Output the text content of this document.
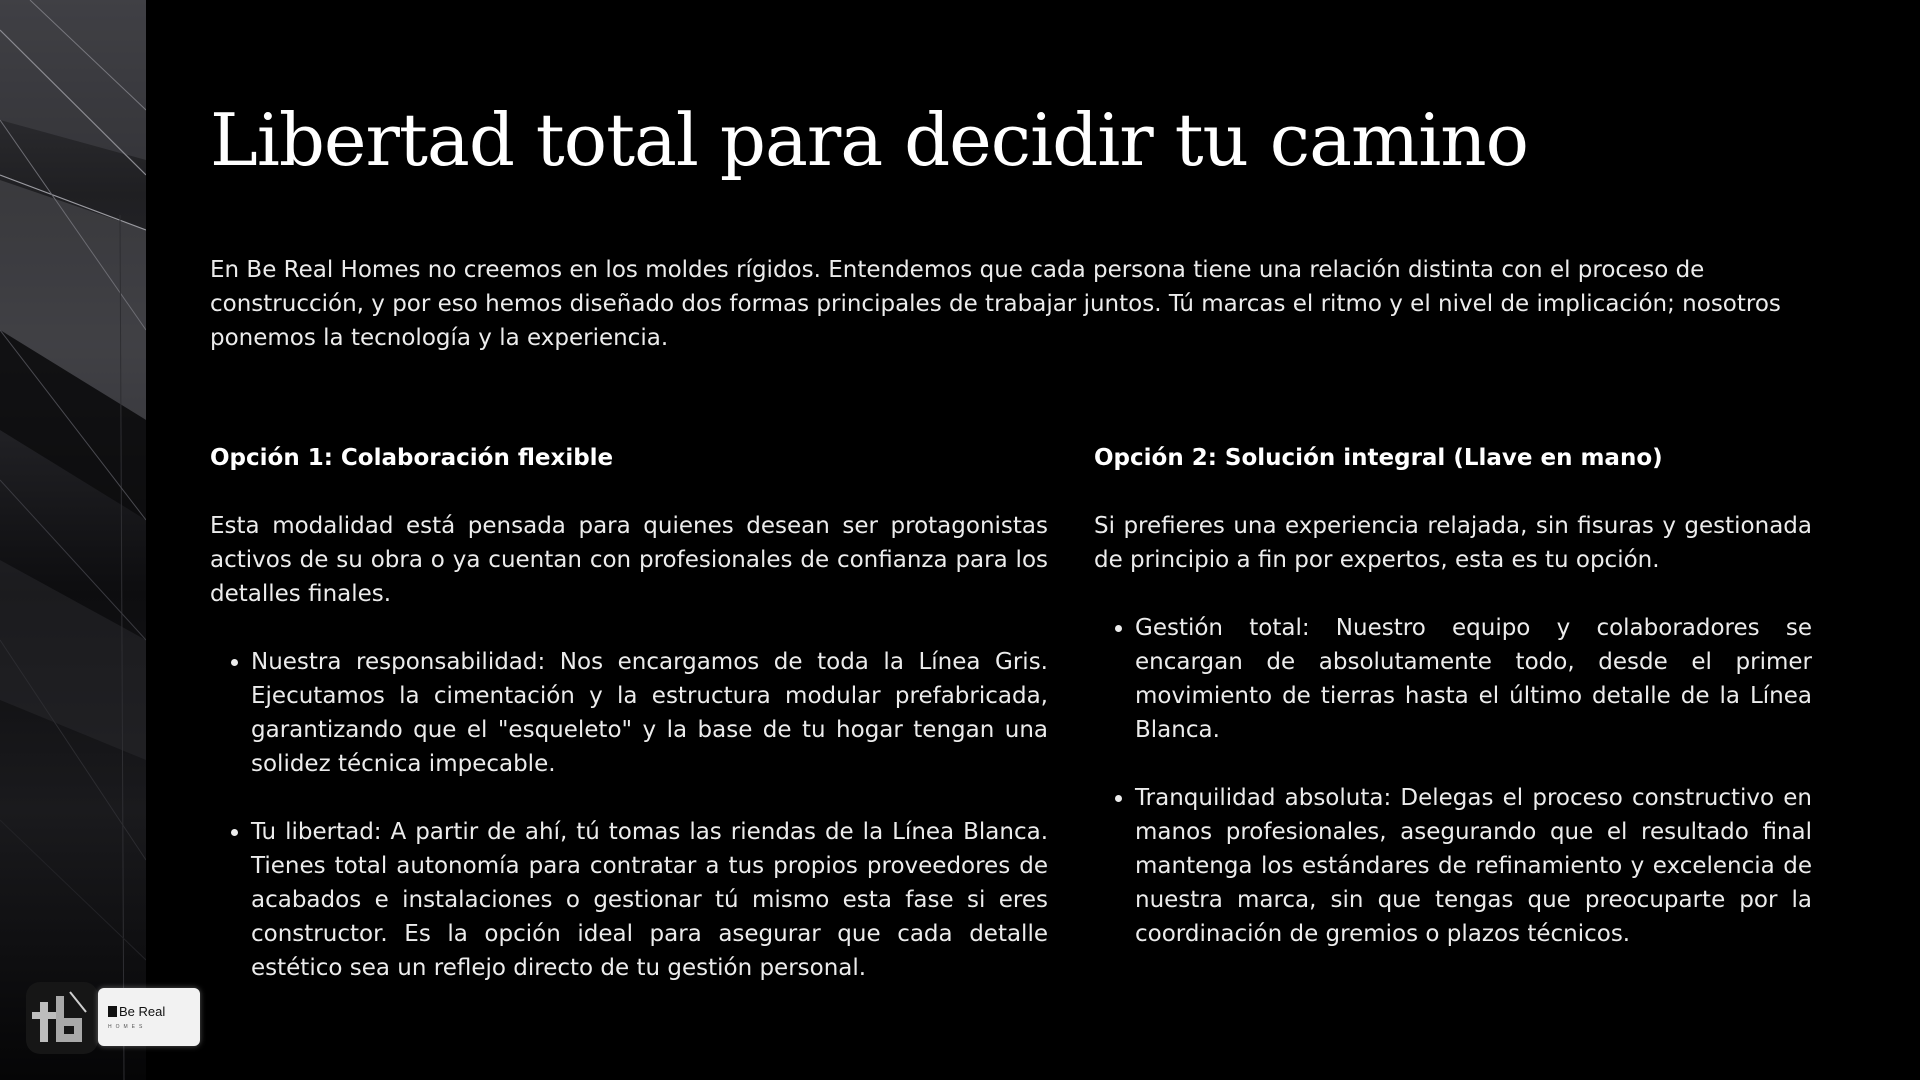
Libertad total para decidir tu camino

En Be Real Homes no creemos en los moldes rígidos. Entendemos que cada persona tiene una relación distinta con el proceso de construcción, y por eso hemos diseñado dos formas principales de trabajar juntos. Tú marcas el ritmo y el nivel de implicación; nosotros ponemos la tecnología y la experiencia.

Opción 1: Colaboración flexible

Esta modalidad está pensada para quienes desean ser protagonistas activos de su obra o ya cuentan con profesionales de confianza para los detalles finales.

• Nuestra responsabilidad: Nos encargamos de toda la Línea Gris. Ejecutamos la cimentación y la estructura modular prefabricada, garantizando que el "esqueleto" y la base de tu hogar tengan una solidez técnica impecable.
• Tu libertad: A partir de ahí, tú tomas las riendas de la Línea Blanca. Tienes total autonomía para contratar a tus propios proveedores de acabados e instalaciones o gestionar tú mismo esta fase si eres constructor. Es la opción ideal para asegurar que cada detalle estético sea un reflejo directo de tu gestión personal.
Opción 2: Solución integral (Llave en mano)

Si prefieres una experiencia relajada, sin fisuras y gestionada de principio a fin por expertos, esta es tu opción.

• Gestión total: Nuestro equipo y colaboradores se encargan de absolutamente todo, desde el primer movimiento de tierras hasta el último detalle de la Línea Blanca.
• Tranquilidad absoluta: Delegas el proceso constructivo en manos profesionales, asegurando que el resultado final mantenga los estándares de refinamiento y excelencia de nuestra marca, sin que tengas que preocuparte por la coordinación de gremios o plazos técnicos.
Be Real
HOMES
